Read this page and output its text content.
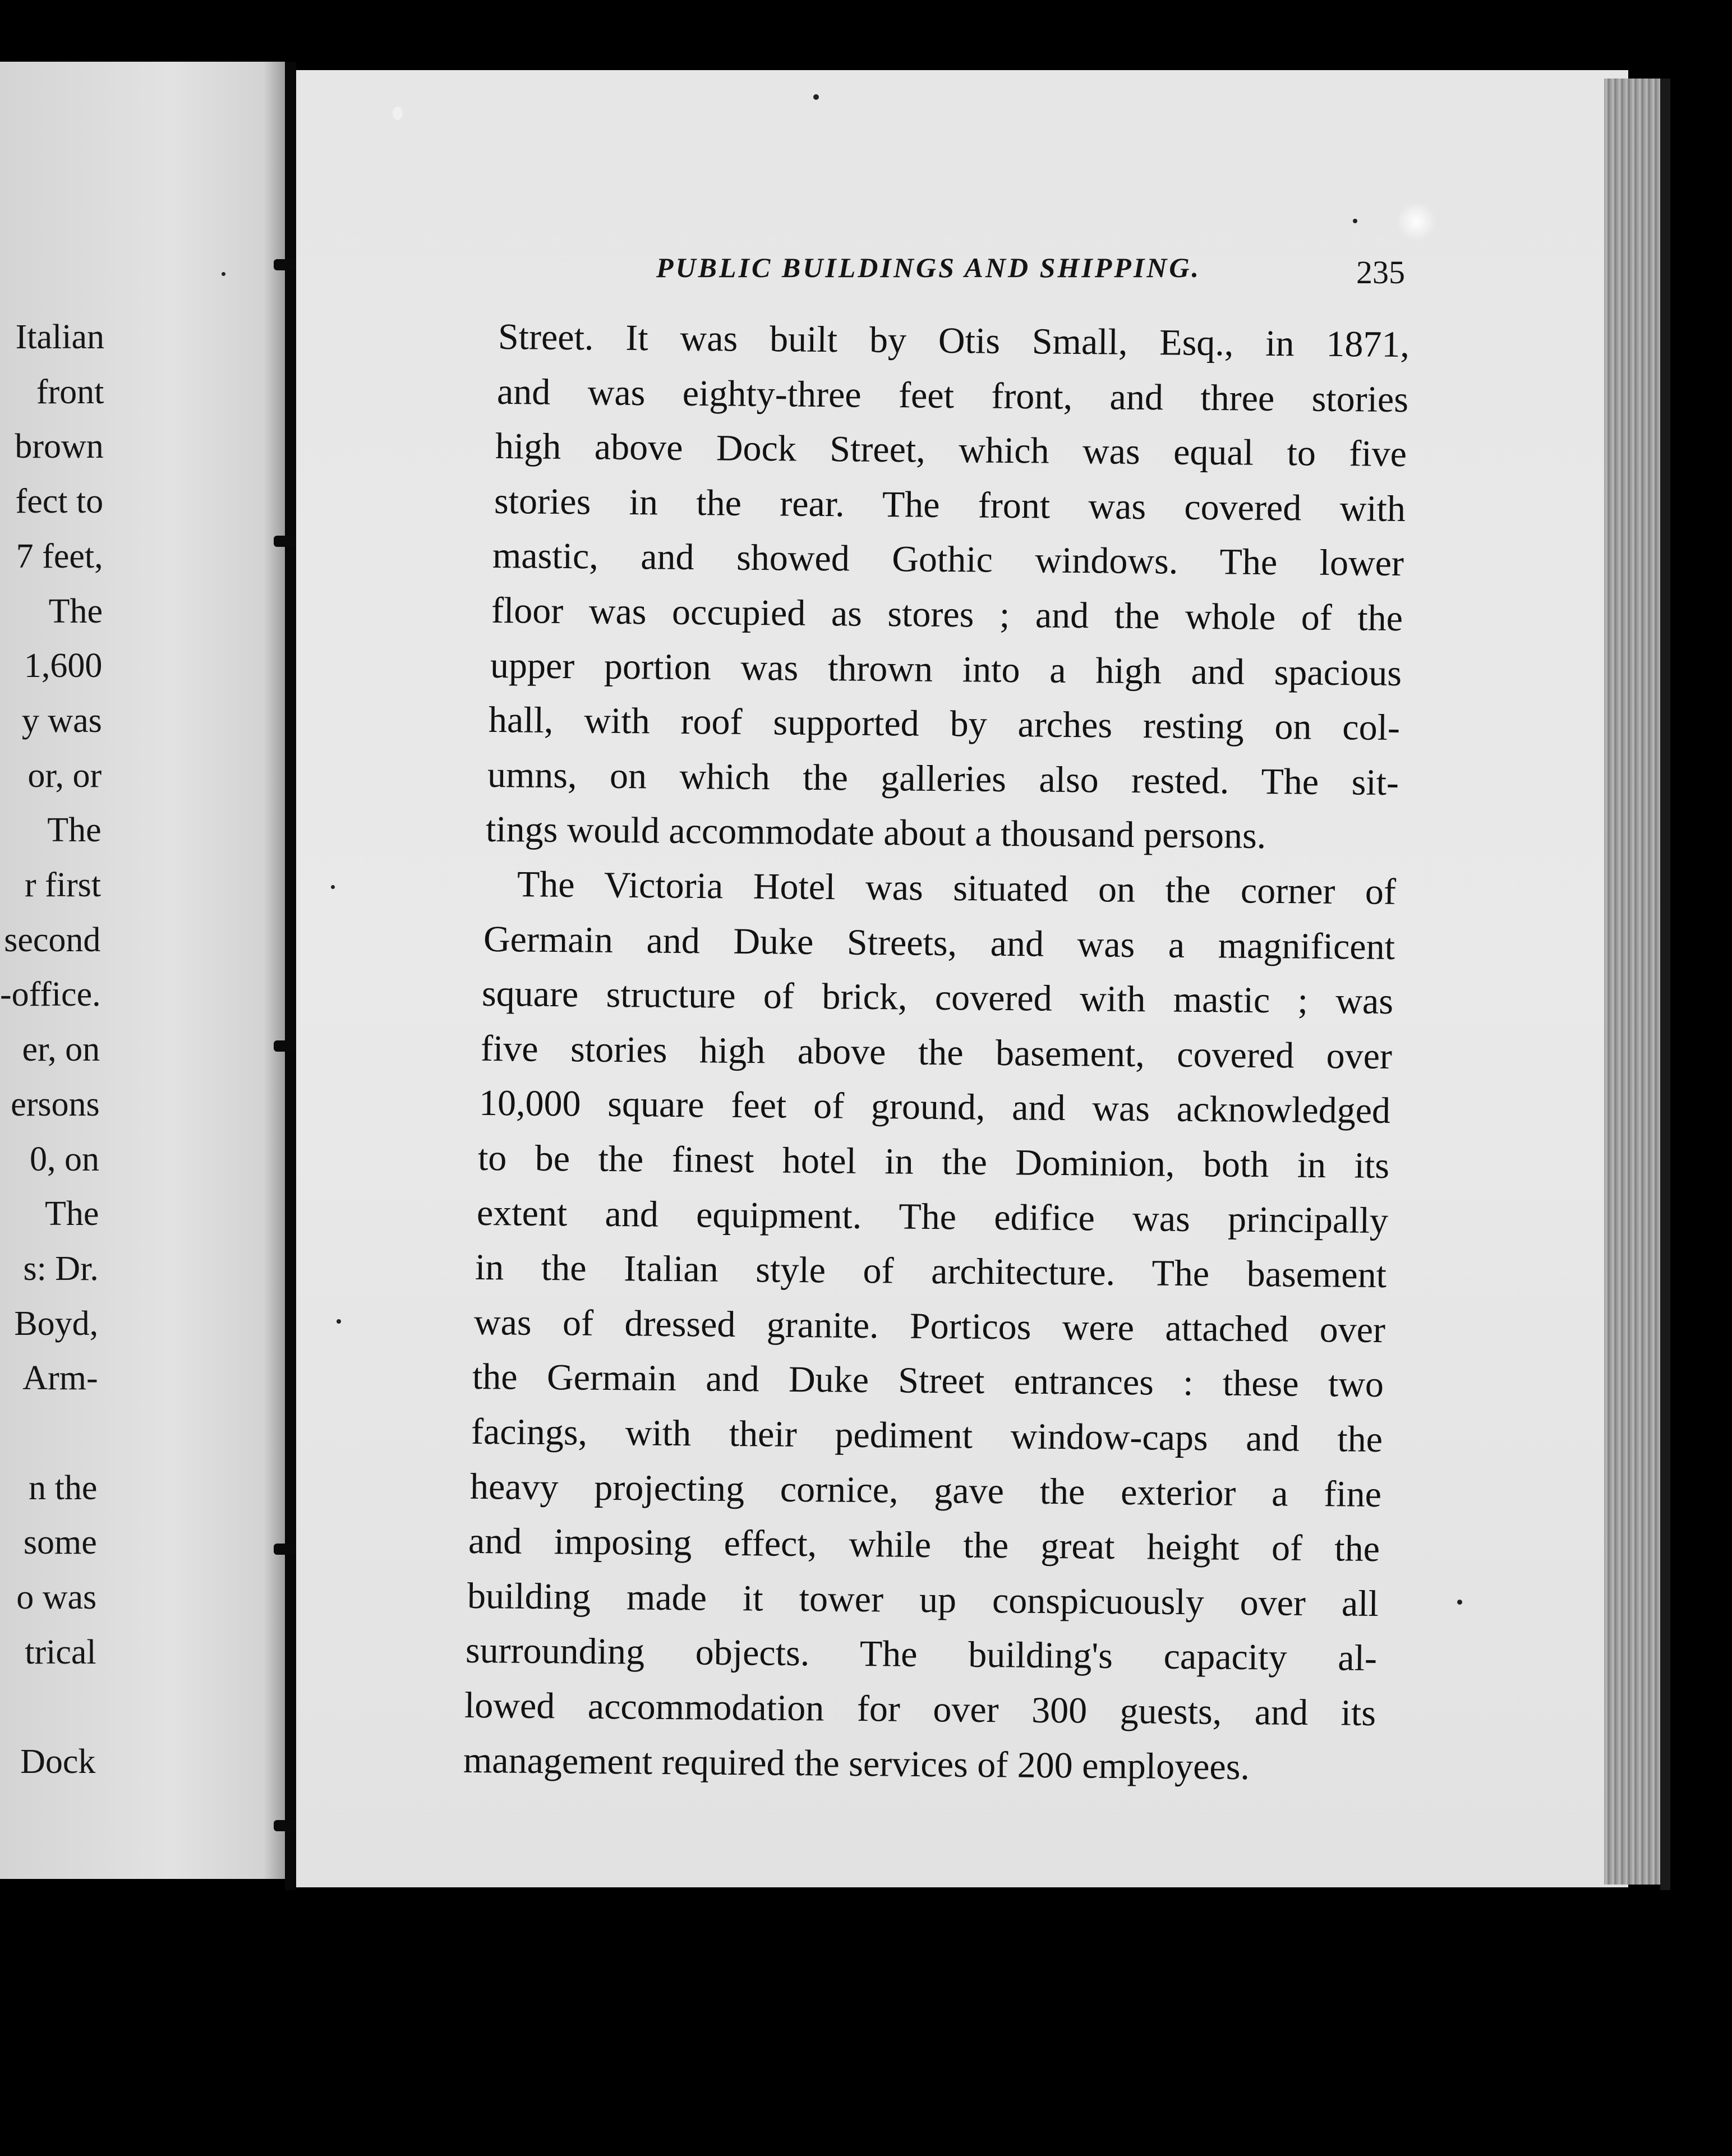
Italian
front
brown
fect to
7 feet,
The
1,600
y was
or, or
The
r first
second
-office.
er, on
ersons
0, on
The
s: Dr.
Boyd,
Arm-
n the
some
o was
trical
Dock
PUBLIC BUILDINGS AND SHIPPING.	235
Street. It was built by Otis Small, Esq., in 1871,
and was eighty-three feet front, and three stories
high above Dock Street, which was equal to five
stories in the rear. The front was covered with
mastic, and showed Gothic windows. The lower
floor was occupied as stores ; and the whole of the
upper portion was thrown into a high and spacious
hall, with roof supported by arches resting on col-
umns, on which the galleries also rested. The sit-
tings would accommodate about a thousand persons.
The Victoria Hotel was situated on the corner of
Germain and Duke Streets, and was a magnificent
square structure of brick, covered with mastic ; was
five stories high above the basement, covered over
10,000 square feet of ground, and was acknowledged
to be the finest hotel in the Dominion, both in its
extent and equipment. The edifice was principally
in the Italian style of architecture. The basement
was of dressed granite. Porticos were attached over
the Germain and Duke Street entrances : these two
facings, with their pediment window-caps and the
heavy projecting cornice, gave the exterior a fine
and imposing effect, while the great height of the
building made it tower up conspicuously over all
surrounding objects. The building's capacity al-
lowed accommodation for over 300 guests, and its
management required the services of 200 employees.
